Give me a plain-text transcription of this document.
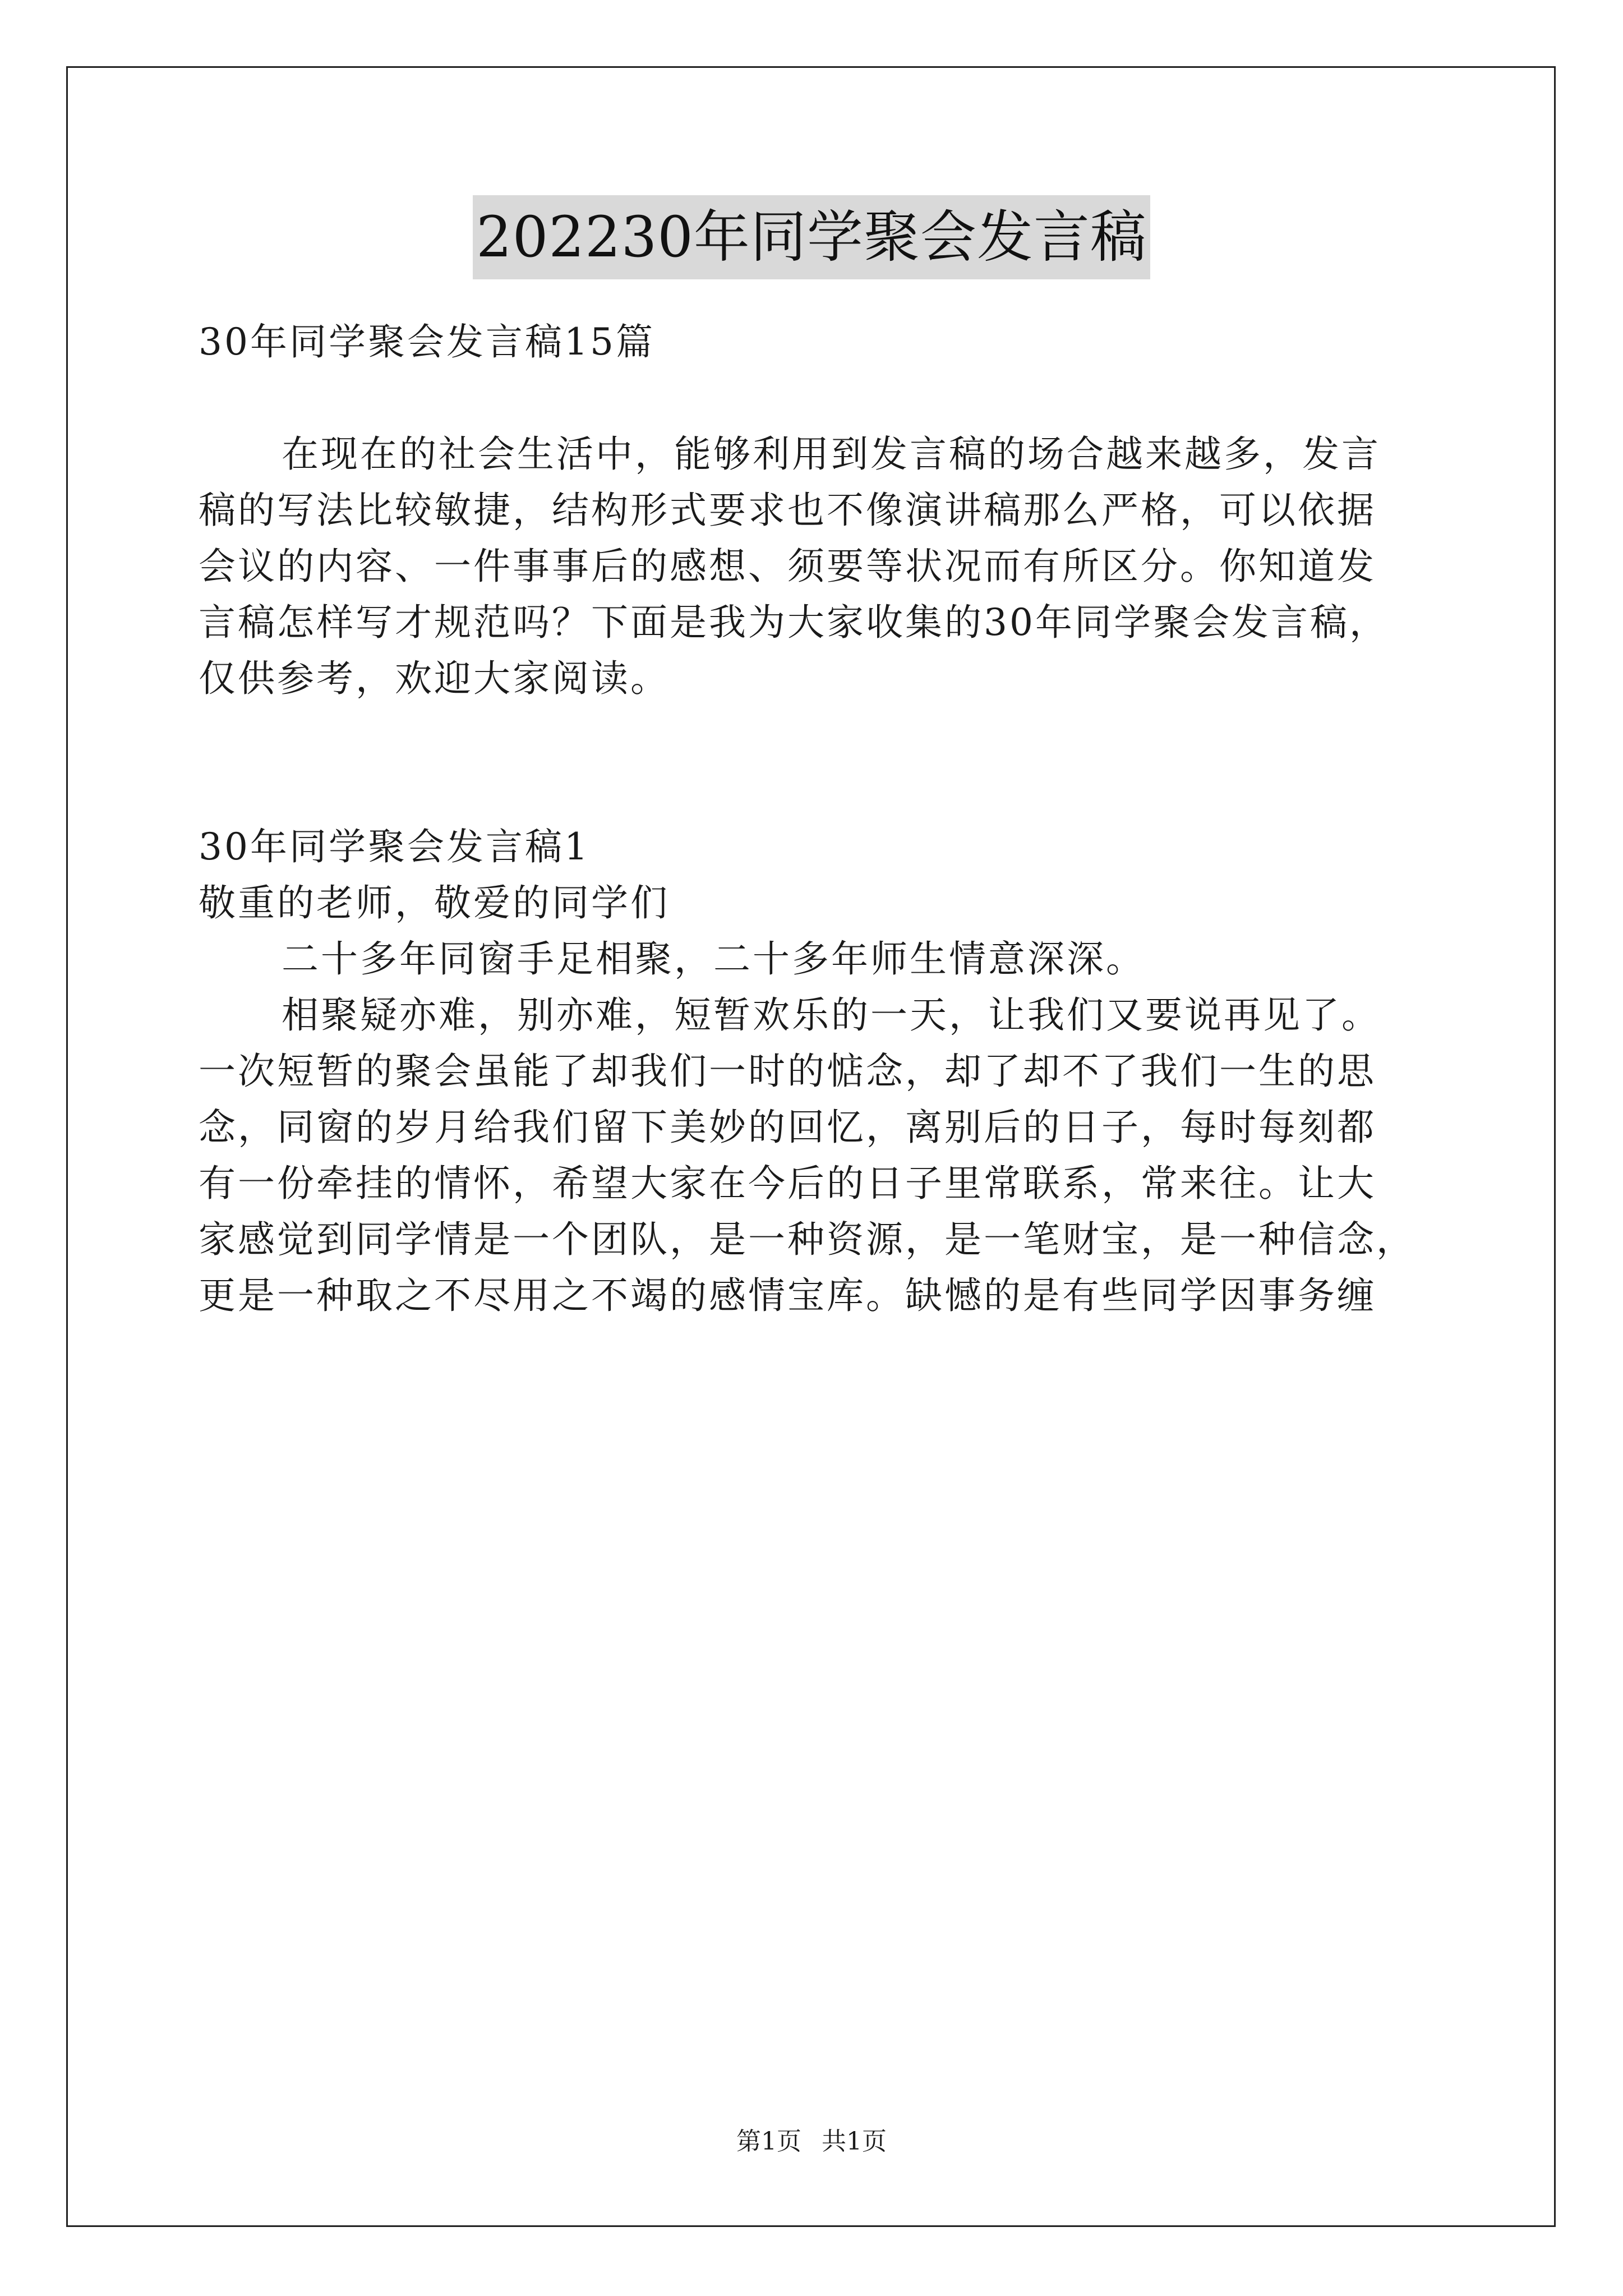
202230年同学聚会发言稿
30年同学聚会发言稿15篇
在现在的社会生活中，能够利用到发言稿的场合越来越多，发言
稿的写法比较敏捷，结构形式要求也不像演讲稿那么严格，可以依据
会议的内容、一件事事后的感想、须要等状况而有所区分。你知道发
言稿怎样写才规范吗？下面是我为大家收集的30年同学聚会发言稿，
仅供参考，欢迎大家阅读。
30年同学聚会发言稿1
敬重的老师，敬爱的同学们
二十多年同窗手足相聚，二十多年师生情意深深。
相聚疑亦难，别亦难，短暂欢乐的一天，让我们又要说再见了。
一次短暂的聚会虽能了却我们一时的惦念，却了却不了我们一生的思
念，同窗的岁月给我们留下美妙的回忆，离别后的日子，每时每刻都
有一份牵挂的情怀，希望大家在今后的日子里常联系，常来往。让大
家感觉到同学情是一个团队，是一种资源，是一笔财宝，是一种信念，
更是一种取之不尽用之不竭的感情宝库。缺憾的是有些同学因事务缠
第1页 共1页
